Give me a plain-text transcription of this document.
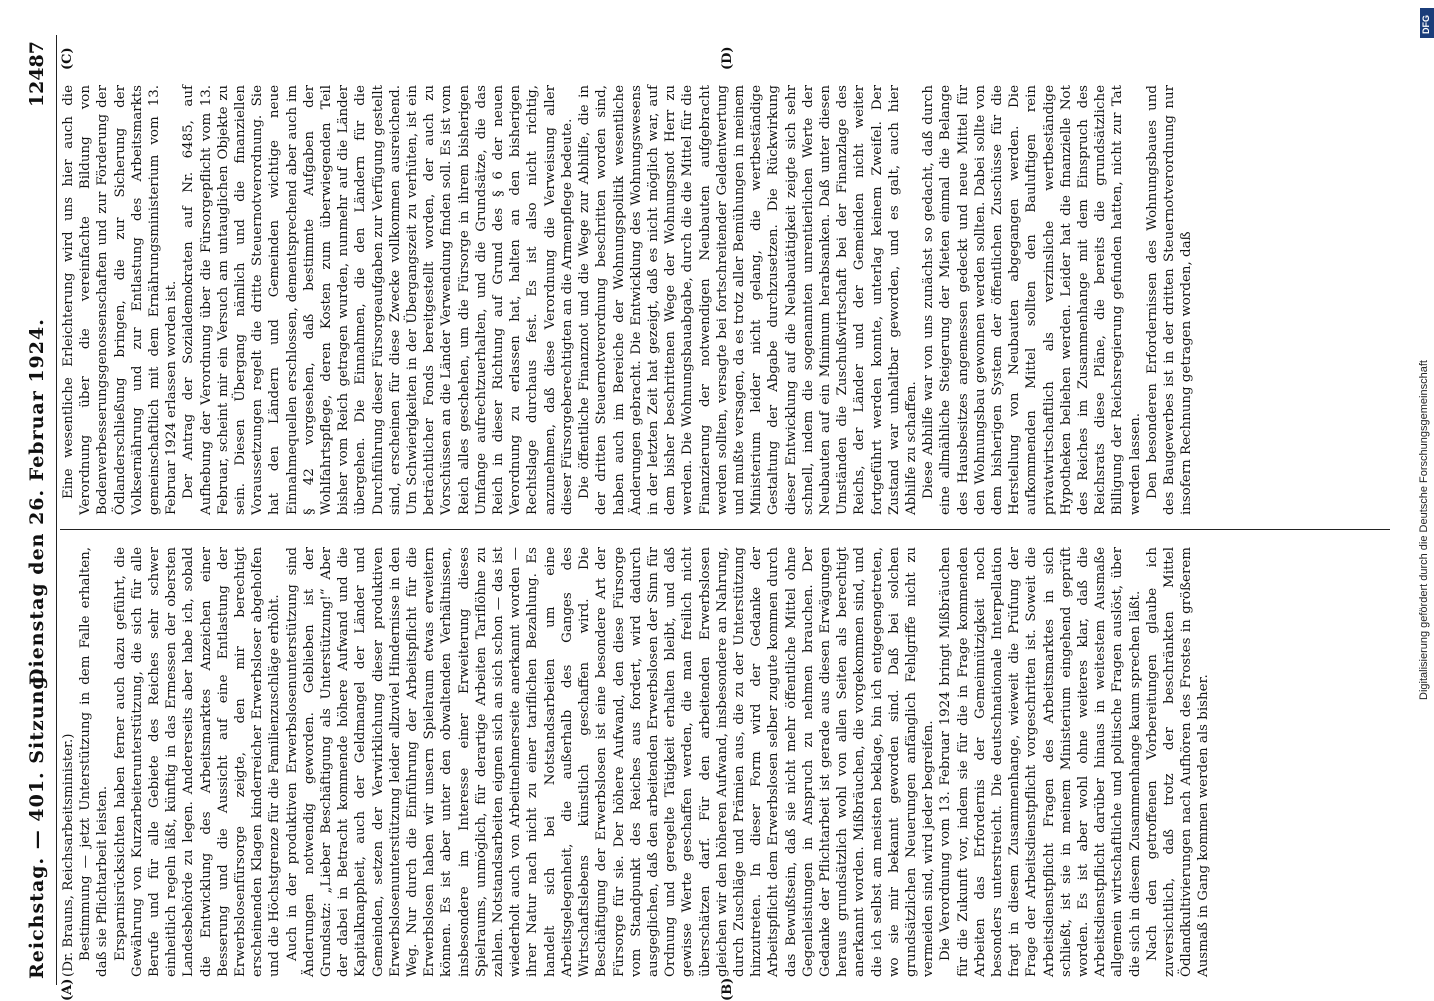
Reichstag. — 401. Sitzung.
Dienstag den 26. Februar 1924.
12487

(Dr. Brauns, Reichsarbeitsminister.) Bestimmung — jetzt Unterstützung in dem Falle erhalten, daß sie Pflichtarbeit leisten. Ersparnisrücksichten haben ferner auch dazu geführt, die Gewährung von Kurzarbeiterunterstützung, die sich für alle Berufe und für alle Gebiete des Reiches sehr schwer einheitlich regeln läßt, künftig in das Ermessen der obersten Landesbehörde zu legen. Andererseits aber habe ich, sobald die Entwicklung des Arbeitsmarktes Anzeichen einer Besserung und die Aussicht auf eine Entlastung der Erwerbslosenfürsorge zeigte, den mir berechtigt erscheinenden Klagen kinderreicher Erwerbsloser abgeholfen und die Höchstgrenze für die Familienzuschläge erhöht. Auch in der produktiven Erwerbslosenunterstützung sind Änderungen notwendig geworden. Geblieben ist der Grundsatz: „Lieber Beschäftigung als Unterstützung!“ Aber der dabei in Betracht kommende höhere Aufwand und die Kapitalknappheit, auch der Geldmangel der Länder und Gemeinden, setzen der Verwirklichung dieser produktiven Erwerbslosenunterstützung leider allzuviel Hindernisse in den Weg. Nur durch die Einführung der Arbeitspflicht für die Erwerbslosen haben wir unsern Spielraum etwas erweitern können. Es ist aber unter den obwaltenden Verhältnissen, insbesondere im Interesse einer Erweiterung dieses Spielraums, unmöglich, für derartige Arbeiten Tariflöhne zu zahlen. Notstandsarbeiten eignen sich an sich schon — das ist wiederholt auch von Arbeitnehmerseite anerkannt worden — ihrer Natur nach nicht zu einer tariflichen Bezahlung. Es handelt sich bei Notstandsarbeiten um eine Arbeitsgelegenheit, die außerhalb des Ganges des Wirtschaftslebens künstlich geschaffen wird. Die Beschäftigung der Erwerbslosen ist eine besondere Art der Fürsorge für sie. Der höhere Aufwand, den diese Fürsorge vom Standpunkt des Reiches aus fordert, wird dadurch ausgeglichen, daß den arbeitenden Erwerbslosen der Sinn für Ordnung und geregelte Tätigkeit erhalten bleibt, und daß gewisse Werte geschaffen werden, die man freilich nicht überschätzen darf. Für den arbeitenden Erwerbslosen gleichen wir den höheren Aufwand, insbesondere an Nahrung, durch Zuschläge und Prämien aus, die zu der Unterstützung hinzutreten. In dieser Form wird der Gedanke der Arbeitspflicht dem Erwerbslosen selber zugute kommen durch das Bewußtsein, daß sie nicht mehr öffentliche Mittel ohne Gegenleistungen in Anspruch zu nehmen brauchen. Der Gedanke der Pflichtarbeit ist gerade aus diesen Erwägungen heraus grundsätzlich wohl von allen Seiten als berechtigt anerkannt worden. Mißbräuchen, die vorgekommen sind, und die ich selbst am meisten beklage, bin ich entgegengetreten, wo sie mir bekannt geworden sind. Daß bei solchen grundsätzlichen Neuerungen anfänglich Fehlgriffe nicht zu vermeiden sind, wird jeder begreifen. Die Verordnung vom 13. Februar 1924 bringt Mißbräuchen für die Zukunft vor, indem sie für die in Frage kommenden Arbeiten das Erfordernis der Gemeinnützigkeit noch besonders unterstreicht. Die deutschnationale Interpellation fragt in diesem Zusammenhange, wieweit die Prüfung der Frage der Arbeitsdienstpflicht vorgeschritten ist. Soweit die Arbeitsdienstpflicht Fragen des Arbeitsmarktes in sich schließt, ist sie in meinem Ministerium eingehend geprüft worden. Es ist aber wohl ohne weiteres klar, daß die Arbeitsdienstpflicht darüber hinaus in weitestem Ausmaße allgemein wirtschaftliche und politische Fragen auslöst, über die sich in diesem Zusammenhange kaum sprechen läßt. Nach den getroffenen Vorbereitungen glaube ich zuversichtlich, daß trotz der beschränkten Mittel Ödlandkultivierungen nach Aufhören des Frostes in größerem Ausmaß in Gang kommen werden als bisher.

Eine wesentliche Erleichterung wird uns hier auch die Verordnung über die vereinfachte Bildung von Bodenverbesserungsgenossenschaften und zur Förderung der Ödlanderschließung bringen, die zur Sicherung der Volksernährung und zur Entlastung des Arbeitsmarkts gemeinschaftlich mit dem Ernährungsministerium vom 13. Februar 1924 erlassen worden ist. Der Antrag der Sozialdemokraten auf Nr. 6485, auf Aufhebung der Verordnung über die Fürsorgepflicht vom 13. Februar, scheint mir ein Versuch am untauglichen Objekte zu sein. Diesen Übergang nämlich und die finanziellen Voraussetzungen regelt die dritte Steuernotverordnung. Sie hat den Ländern und Gemeinden wichtige neue Einnahmequellen erschlossen, dementsprechend aber auch im § 42 vorgesehen, daß bestimmte Aufgaben der Wohlfahrtspflege, deren Kosten zum überwiegenden Teil bisher vom Reich getragen wurden, nunmehr auf die Länder übergehen. Die Einnahmen, die den Ländern für die Durchführung dieser Fürsorgeaufgaben zur Verfügung gestellt sind, erscheinen für diese Zwecke vollkommen ausreichend. Um Schwierigkeiten in der Übergangszeit zu verhüten, ist ein beträchtlicher Fonds bereitgestellt worden, der auch zu Vorschüssen an die Länder Verwendung finden soll. Es ist vom Reich alles geschehen, um die Fürsorge in ihrem bisherigen Umfange aufrechtzuerhalten, und die Grundsätze, die das Reich in dieser Richtung auf Grund des § 6 der neuen Verordnung zu erlassen hat, halten an den bisherigen Rechtslage durchaus fest. Es ist also nicht richtig, anzunehmen, daß diese Verordnung die Verweisung aller dieser Fürsorgeberechtigten an die Armenpflege bedeute. Die öffentliche Finanznot und die Wege zur Abhilfe, die in der dritten Steuernotverordnung beschritten worden sind, haben auch im Bereiche der Wohnungspolitik wesentliche Änderungen gebracht. Die Entwicklung des Wohnungswesens in der letzten Zeit hat gezeigt, daß es nicht möglich war, auf dem bisher beschrittenen Wege der Wohnungsnot Herr zu werden. Die Wohnungsbauabgabe, durch die die Mittel für die Finanzierung der notwendigen Neubauten aufgebracht werden sollten, versagte bei fortschreitender Geldentwertung und mußte versagen, da es trotz aller Bemühungen in meinem Ministerium leider nicht gelang, die wertbeständige Gestaltung der Abgabe durchzusetzen. Die Rückwirkung dieser Entwicklung auf die Neubautätigkeit zeigte sich sehr schnell, indem die sogenannten unrentierlichen Werte der Neubauten auf ein Minimum herabsanken. Daß unter diesen Umständen die Zuschußwirtschaft bei der Finanzlage des Reichs, der Länder und der Gemeinden nicht weiter fortgeführt werden konnte, unterlag keinem Zweifel. Der Zustand war unhaltbar geworden, und es galt, auch hier Abhilfe zu schaffen. Diese Abhilfe war von uns zunächst so gedacht, daß durch eine allmähliche Steigerung der Mieten einmal die Belange des Hausbesitzes angemessen gedeckt und neue Mittel für den Wohnungsbau gewonnen werden sollten. Dabei sollte von dem bisherigen System der öffentlichen Zuschüsse für die Herstellung von Neubauten abgegangen werden. Die aufkommenden Mittel sollten den Bauluftigen rein privatwirtschaftlich als verzinsliche wertbeständige Hypotheken beliehen werden. Leider hat die finanzielle Not des Reiches im Zusammenhange mit dem Einspruch des Reichsrats diese Pläne, die bereits die grundsätzliche Billigung der Reichsregierung gefunden hatten, nicht zur Tat werden lassen. Den besonderen Erfordernissen des Wohnungsbaues und des Baugewerbes ist in der dritten Steuernotverordnung nur insofern Rechnung getragen worden, daß

(A)	(B)
(C)	(D)
Digitalisierung gefördert durch die Deutsche Forschungsgemeinschaft
DFG
